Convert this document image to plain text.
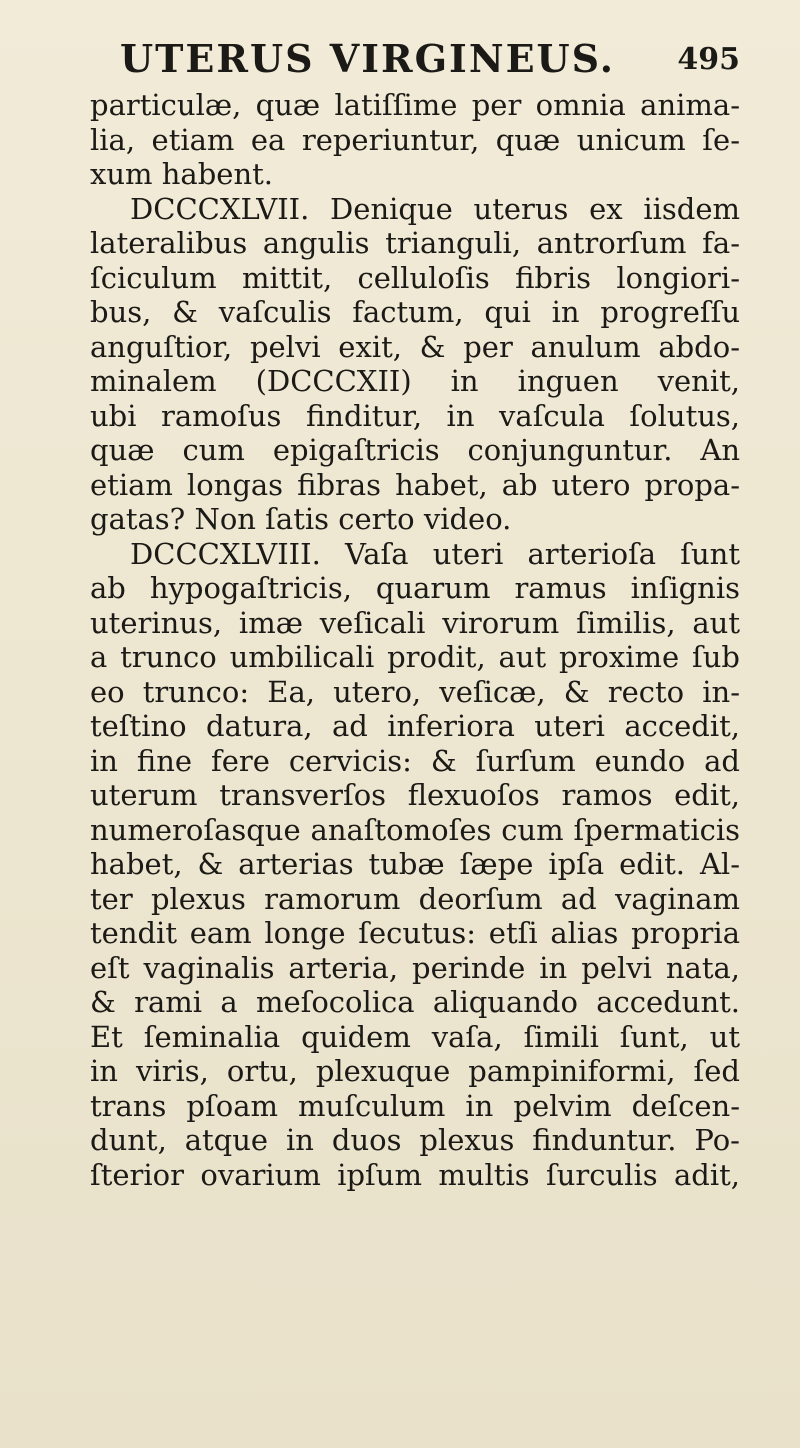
UTERUS VIRGINEUS. 495
particulæ, quæ latiſſime per omnia anima-
lia, etiam ea reperiuntur, quæ unicum ſe-
xum habent.
DCCCXLVII. Denique uterus ex iisdem
lateralibus angulis trianguli, antrorſum fa-
ſciculum mittit, celluloſis fibris longiori-
bus, & vaſculis factum, qui in progreſſu
anguſtior, pelvi exit, & per anulum abdo-
minalem (DCCCXII) in inguen venit,
ubi ramoſus finditur, in vaſcula ſolutus,
quæ cum epigaſtricis conjunguntur. An
etiam longas fibras habet, ab utero propa-
gatas? Non ſatis certo video.
DCCCXLVIII. Vaſa uteri arterioſa ſunt
ab hypogaſtricis, quarum ramus inſignis
uterinus, imæ veſicali virorum ſimilis, aut
a trunco umbilicali prodit, aut proxime ſub
eo trunco: Ea, utero, veſicæ, & recto in-
teſtino datura, ad inferiora uteri accedit,
in fine fere cervicis: & ſurſum eundo ad
uterum transverſos flexuoſos ramos edit,
numeroſasque anaſtomoſes cum ſpermaticis
habet, & arterias tubæ ſæpe ipſa edit. Al-
ter plexus ramorum deorſum ad vaginam
tendit eam longe ſecutus: etſi alias propria
eſt vaginalis arteria, perinde in pelvi nata,
& rami a meſocolica aliquando accedunt.
Et ſeminalia quidem vaſa, ſimili ſunt, ut
in viris, ortu, plexuque pampiniformi, ſed
trans pſoam muſculum in pelvim deſcen-
dunt, atque in duos plexus finduntur. Po-
ſterior ovarium ipſum multis ſurculis adit,
